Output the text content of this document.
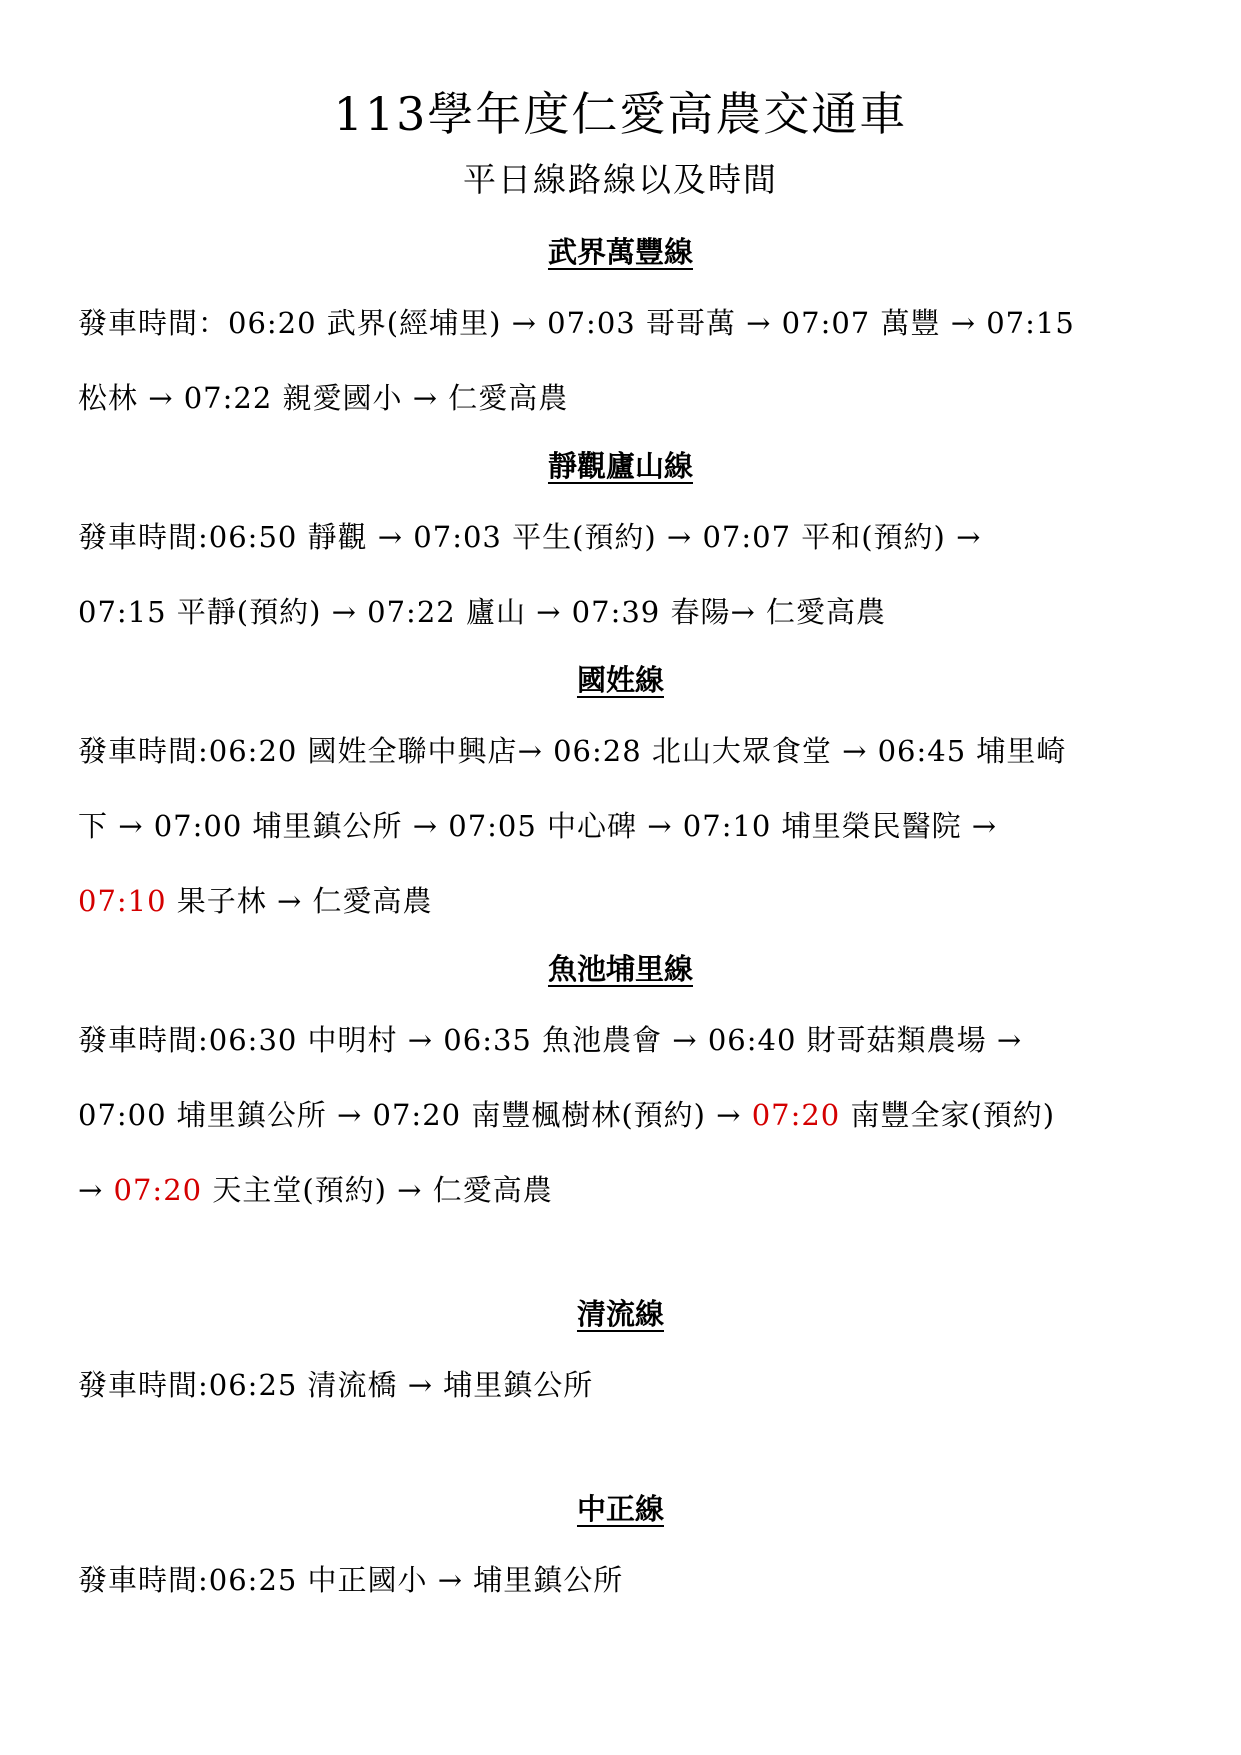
113學年度仁愛高農交通車
平日線路線以及時間
武界萬豐線
發車時間：06:20 武界(經埔里) → 07:03 哥哥萬 → 07:07 萬豐 → 07:15
松林 → 07:22 親愛國小 → 仁愛高農
靜觀廬山線
發車時間:06:50 靜觀 → 07:03 平生(預約) → 07:07 平和(預約) →
07:15 平靜(預約) → 07:22 廬山 → 07:39 春陽→ 仁愛高農
國姓線
發車時間:06:20 國姓全聯中興店→ 06:28 北山大眾食堂 → 06:45 埔里崎
下 → 07:00 埔里鎮公所 → 07:05 中心碑 → 07:10 埔里榮民醫院 →
07:10 果子林 → 仁愛高農
魚池埔里線
發車時間:06:30 中明村 → 06:35 魚池農會 → 06:40 財哥菇類農場 →
07:00 埔里鎮公所 → 07:20 南豐楓樹林(預約) → 07:20 南豐全家(預約)
→ 07:20 天主堂(預約) → 仁愛高農
清流線
發車時間:06:25 清流橋 → 埔里鎮公所
中正線
發車時間:06:25 中正國小 → 埔里鎮公所
